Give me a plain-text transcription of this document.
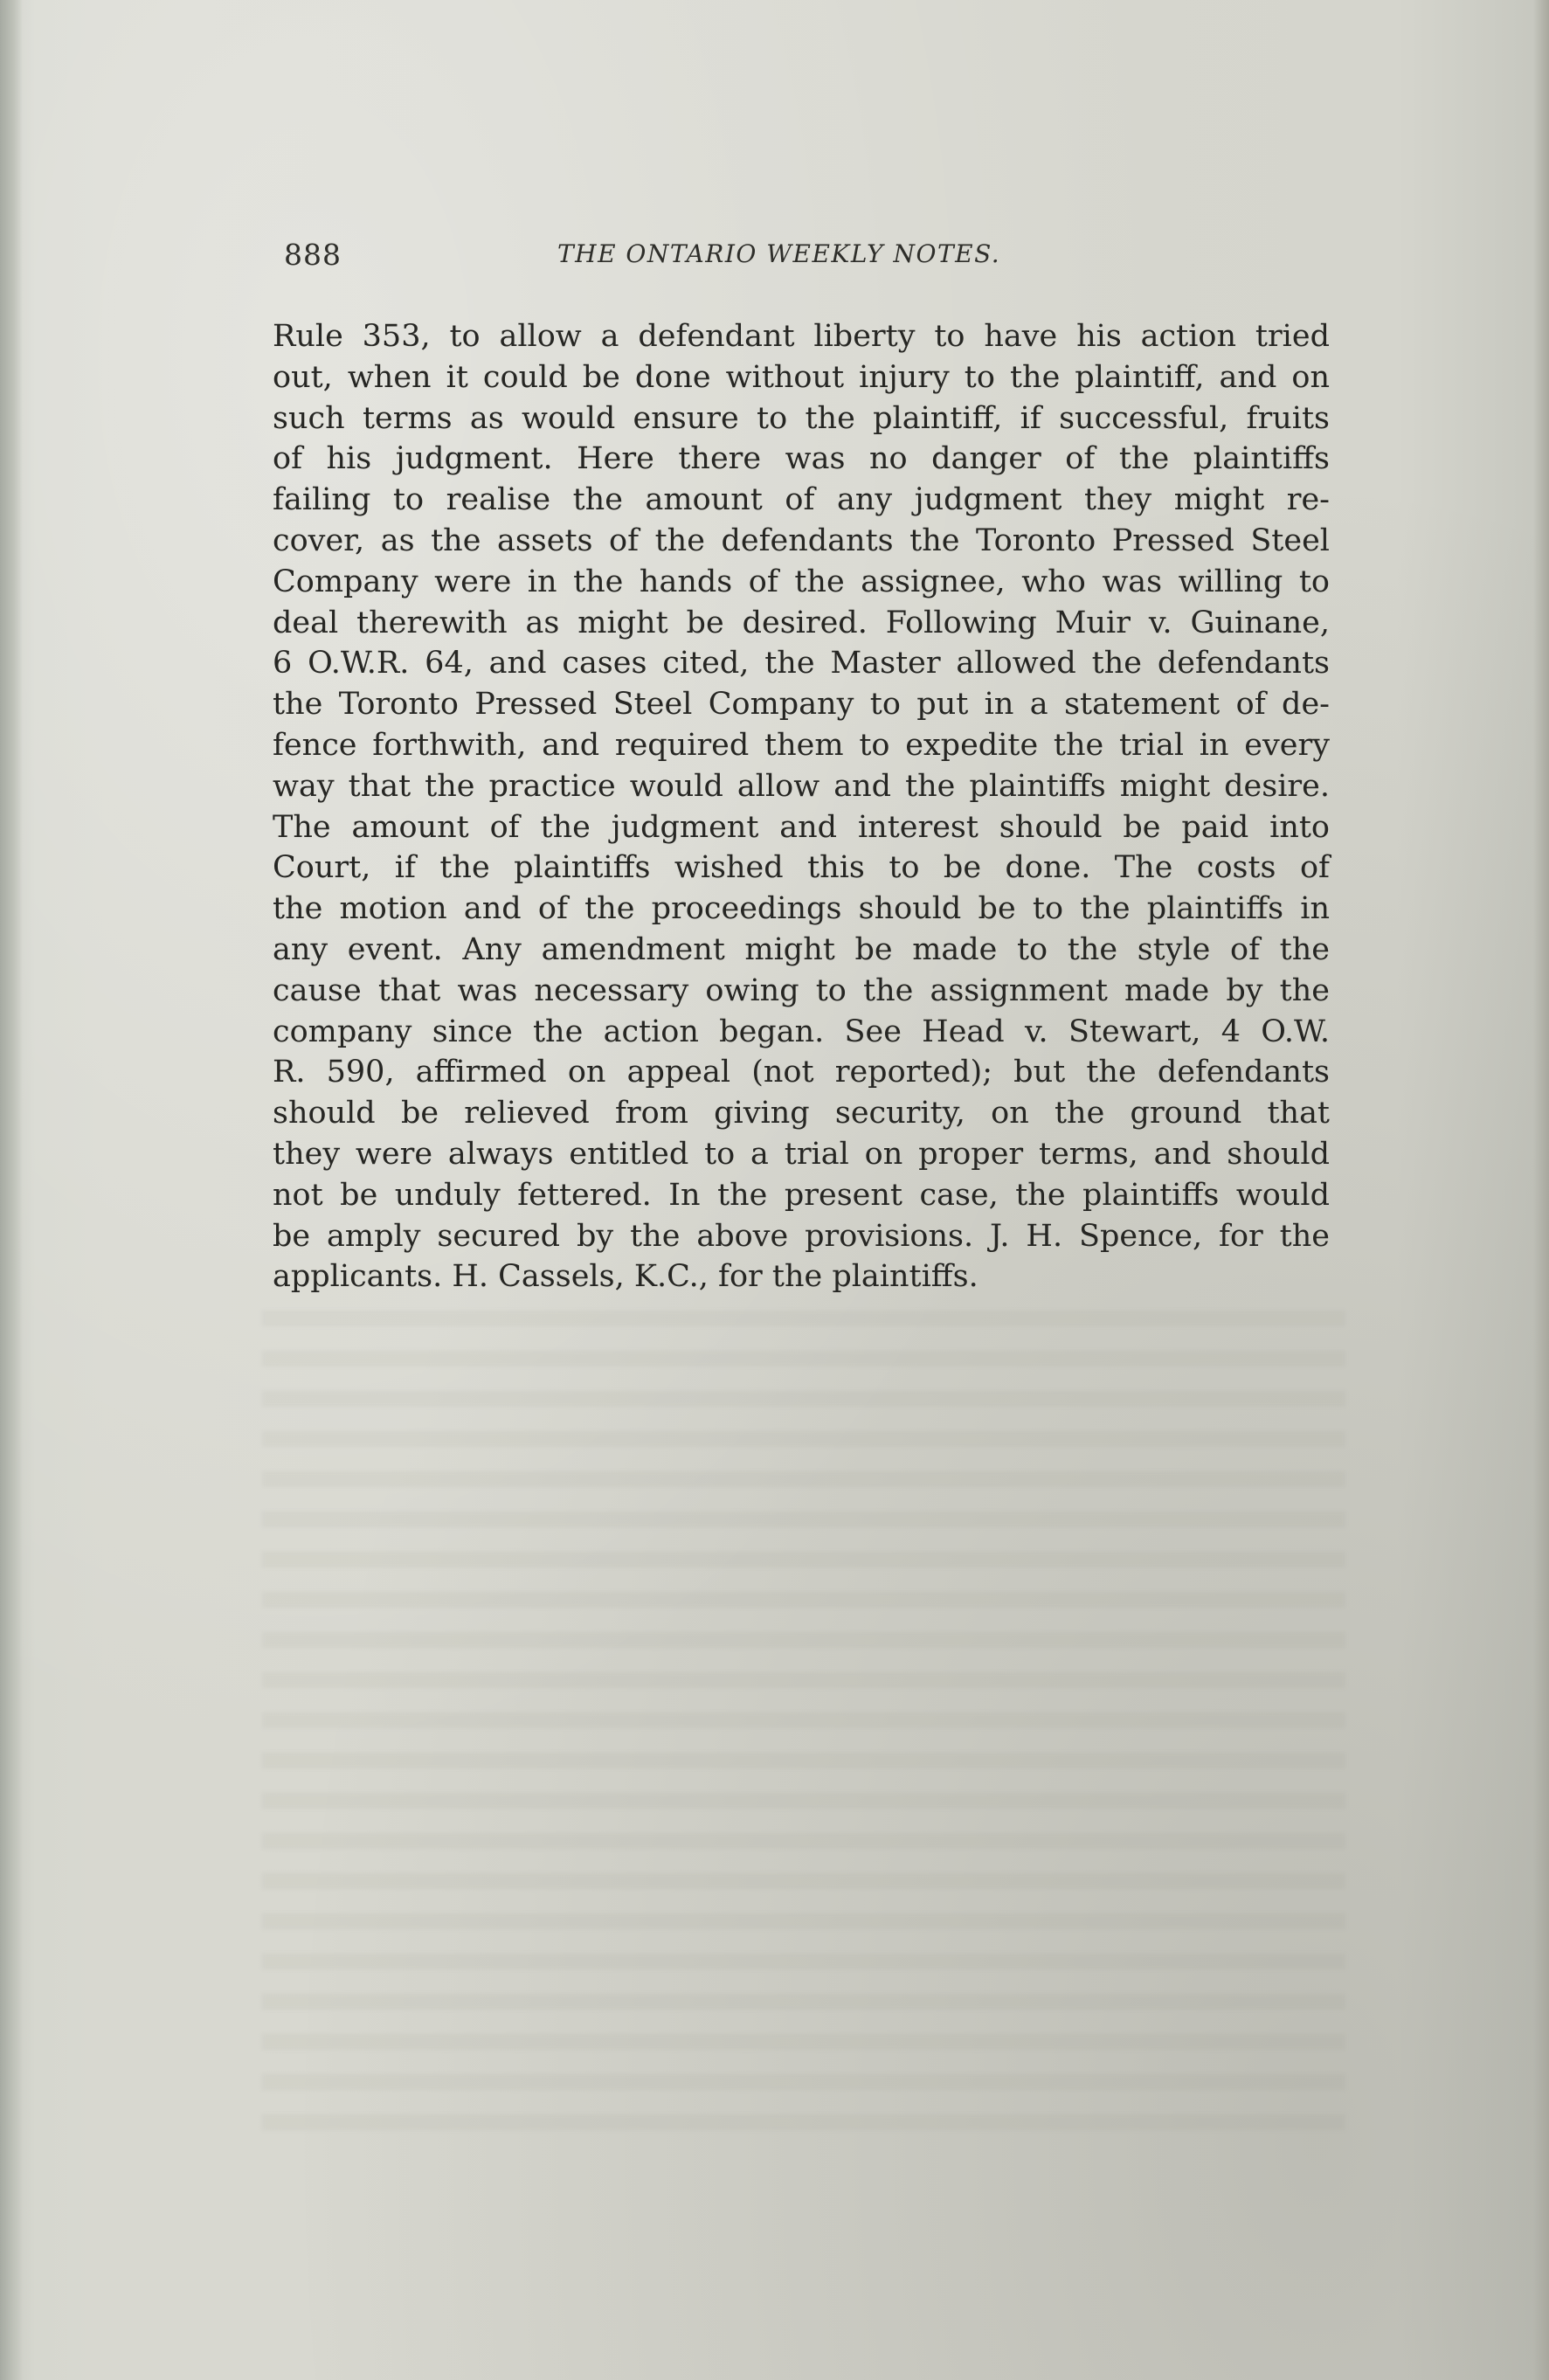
888	THE ONTARIO WEEKLY NOTES.
Rule 353, to allow a defendant liberty to have his action tried
out, when it could be done without injury to the plaintiff, and on
such terms as would ensure to the plaintiff, if successful, fruits
of his judgment. Here there was no danger of the plaintiffs
failing to realise the amount of any judgment they might re-
cover, as the assets of the defendants the Toronto Pressed Steel
Company were in the hands of the assignee, who was willing to
deal therewith as might be desired. Following Muir v. Guinane,
6 O.W.R. 64, and cases cited, the Master allowed the defendants
the Toronto Pressed Steel Company to put in a statement of de-
fence forthwith, and required them to expedite the trial in every
way that the practice would allow and the plaintiffs might desire.
The amount of the judgment and interest should be paid into
Court, if the plaintiffs wished this to be done. The costs of
the motion and of the proceedings should be to the plaintiffs in
any event. Any amendment might be made to the style of the
cause that was necessary owing to the assignment made by the
company since the action began. See Head v. Stewart, 4 O.W.
R. 590, affirmed on appeal (not reported); but the defendants
should be relieved from giving security, on the ground that
they were always entitled to a trial on proper terms, and should
not be unduly fettered. In the present case, the plaintiffs would
be amply secured by the above provisions. J. H. Spence, for the
applicants. H. Cassels, K.C., for the plaintiffs.
